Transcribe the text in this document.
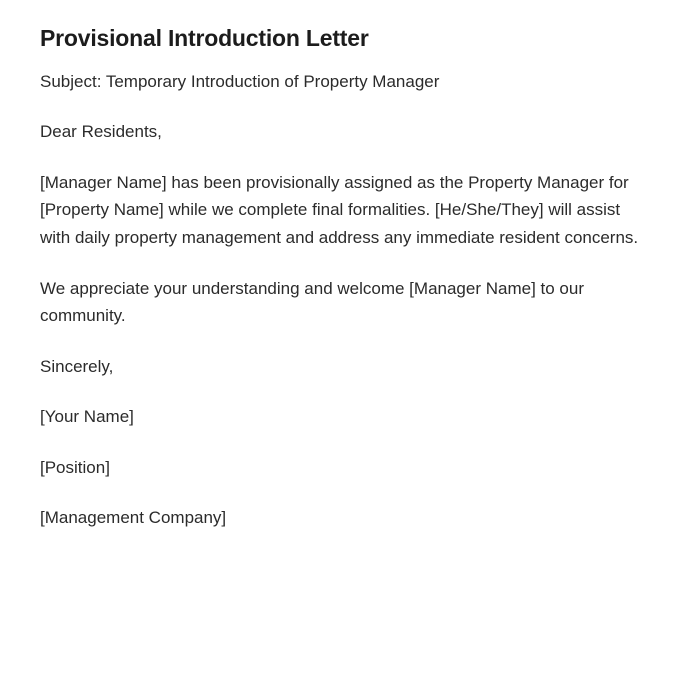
Provisional Introduction Letter

Subject: Temporary Introduction of Property Manager

Dear Residents,

[Manager Name] has been provisionally assigned as the Property Manager for [Property Name] while we complete final formalities. [He/She/They] will assist with daily property management and address any immediate resident concerns.

We appreciate your understanding and welcome [Manager Name] to our community.

Sincerely,

[Your Name]

[Position]

[Management Company]
